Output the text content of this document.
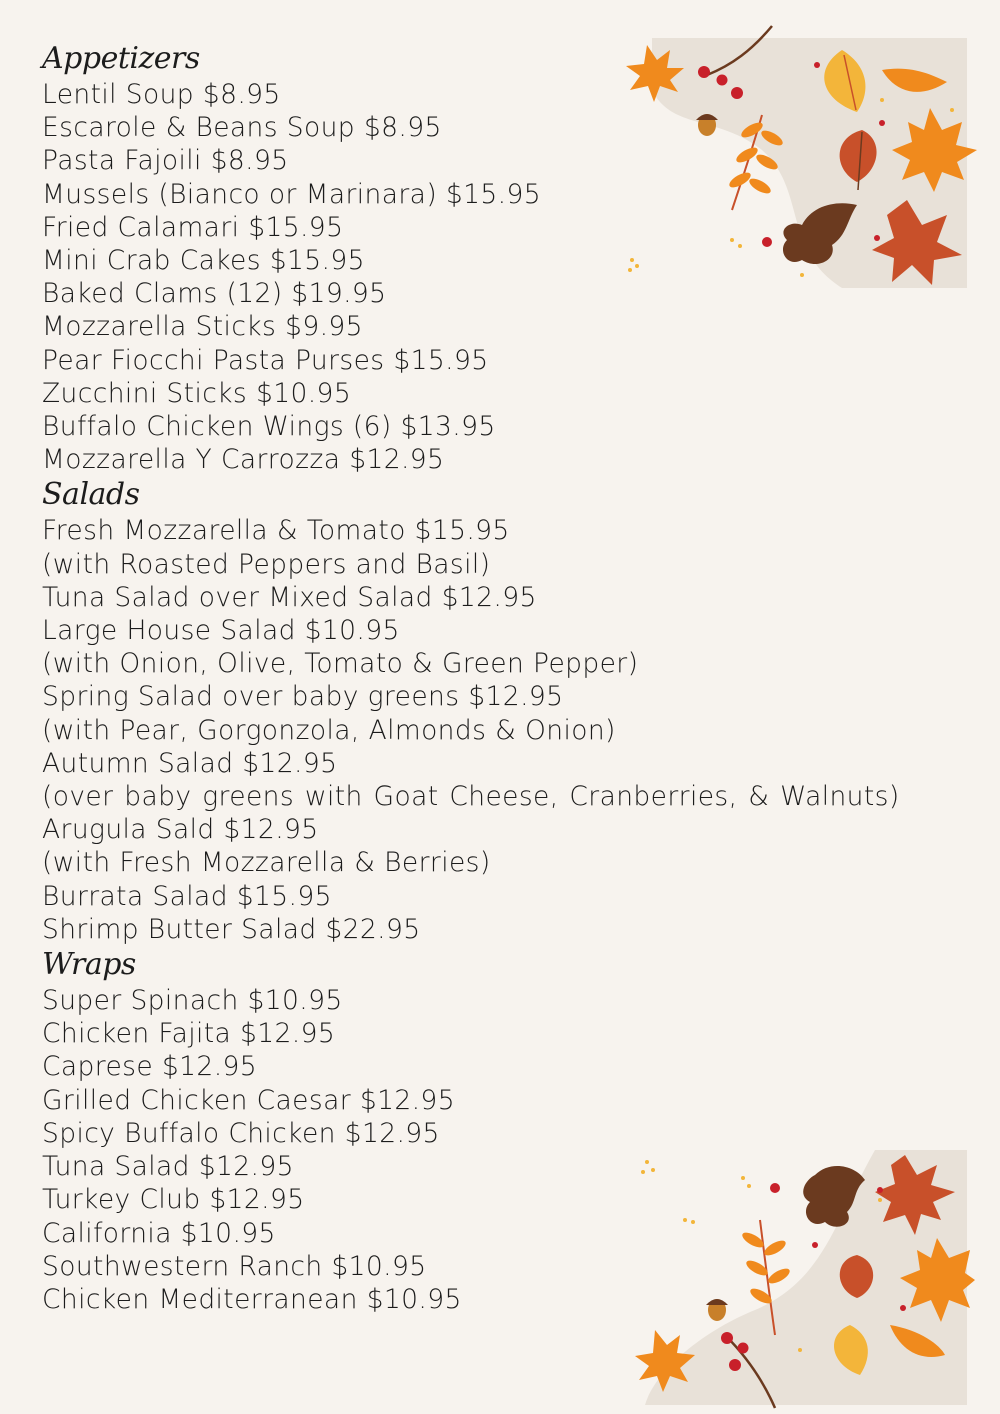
Appetizers
Lentil Soup $8.95
Escarole & Beans Soup $8.95
Pasta Fajoili $8.95
Mussels (Bianco or Marinara) $15.95
Fried Calamari $15.95
Mini Crab Cakes $15.95
Baked Clams (12) $19.95
Mozzarella Sticks $9.95
Pear Fiocchi Pasta Purses $15.95
Zucchini Sticks $10.95
Buffalo Chicken Wings (6) $13.95
Mozzarella Y Carrozza $12.95
Salads
Fresh Mozzarella & Tomato $15.95
(with Roasted Peppers and Basil)
Tuna Salad over Mixed Salad $12.95
Large House Salad $10.95
(with Onion, Olive, Tomato & Green Pepper)
Spring Salad over baby greens $12.95
(with Pear, Gorgonzola, Almonds & Onion)
Autumn Salad $12.95
(over baby greens with Goat Cheese, Cranberries, & Walnuts)
Arugula Sald $12.95
(with Fresh Mozzarella & Berries)
Burrata Salad $15.95
Shrimp Butter Salad $22.95
Wraps
Super Spinach $10.95
Chicken Fajita $12.95
Caprese $12.95
Grilled Chicken Caesar $12.95
Spicy Buffalo Chicken $12.95
Tuna Salad $12.95
Turkey Club $12.95
California $10.95
Southwestern Ranch $10.95
Chicken Mediterranean $10.95
